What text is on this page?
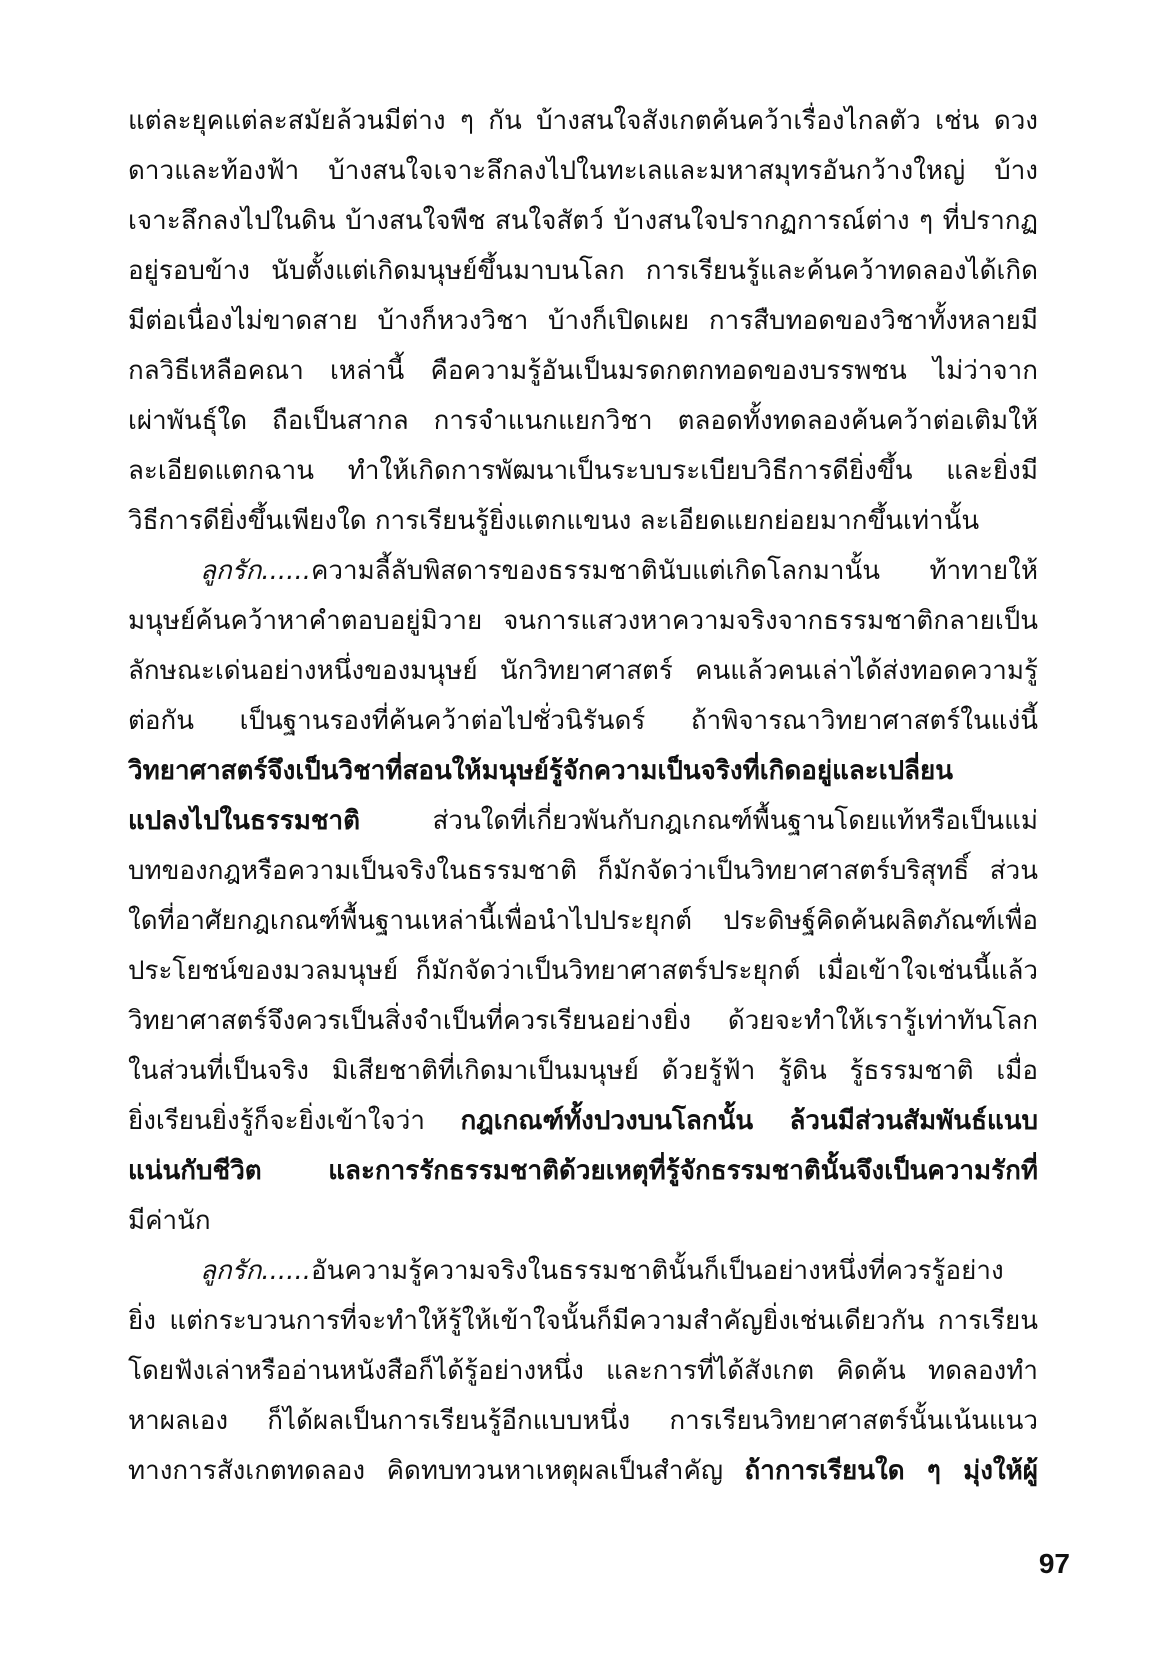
แต่ละยุคแต่ละสมัยล้วนมีต่าง ๆ กัน บ้างสนใจสังเกตค้นคว้าเรื่องไกลตัว เช่น ดวง
ดาวและท้องฟ้า บ้างสนใจเจาะลึกลงไปในทะเลและมหาสมุทรอันกว้างใหญ่ บ้าง
เจาะลึกลงไปในดิน บ้างสนใจพืช สนใจสัตว์ บ้างสนใจปรากฏการณ์ต่าง ๆ ที่ปรากฏ
อยู่รอบข้าง นับตั้งแต่เกิดมนุษย์ขึ้นมาบนโลก การเรียนรู้และค้นคว้าทดลองได้เกิด
มีต่อเนื่องไม่ขาดสาย บ้างก็หวงวิชา บ้างก็เปิดเผย การสืบทอดของวิชาทั้งหลายมี
กลวิธีเหลือคณา เหล่านี้ คือความรู้อันเป็นมรดกตกทอดของบรรพชน ไม่ว่าจาก
เผ่าพันธุ์ใด ถือเป็นสากล การจำแนกแยกวิชา ตลอดทั้งทดลองค้นคว้าต่อเติมให้
ละเอียดแตกฉาน ทำให้เกิดการพัฒนาเป็นระบบระเบียบวิธีการดียิ่งขึ้น และยิ่งมี
วิธีการดียิ่งขึ้นเพียงใด การเรียนรู้ยิ่งแตกแขนง ละเอียดแยกย่อยมากขึ้นเท่านั้น
ลูกรัก......ความลี้ลับพิสดารของธรรมชาตินับแต่เกิดโลกมานั้น ท้าทายให้
มนุษย์ค้นคว้าหาคำตอบอยู่มิวาย จนการแสวงหาความจริงจากธรรมชาติกลายเป็น
ลักษณะเด่นอย่างหนึ่งของมนุษย์ นักวิทยาศาสตร์ คนแล้วคนเล่าได้ส่งทอดความรู้
ต่อกัน เป็นฐานรองที่ค้นคว้าต่อไปชั่วนิรันดร์ ถ้าพิจารณาวิทยาศาสตร์ในแง่นี้
วิทยาศาสตร์จึงเป็นวิชาที่สอนให้มนุษย์รู้จักความเป็นจริงที่เกิดอยู่และเปลี่ยน
แปลงไปในธรรมชาติ ส่วนใดที่เกี่ยวพันกับกฎเกณฑ์พื้นฐานโดยแท้หรือเป็นแม่
บทของกฎหรือความเป็นจริงในธรรมชาติ ก็มักจัดว่าเป็นวิทยาศาสตร์บริสุทธิ์ ส่วน
ใดที่อาศัยกฎเกณฑ์พื้นฐานเหล่านี้เพื่อนำไปประยุกต์ ประดิษฐ์คิดค้นผลิตภัณฑ์เพื่อ
ประโยชน์ของมวลมนุษย์ ก็มักจัดว่าเป็นวิทยาศาสตร์ประยุกต์ เมื่อเข้าใจเช่นนี้แล้ว
วิทยาศาสตร์จึงควรเป็นสิ่งจำเป็นที่ควรเรียนอย่างยิ่ง ด้วยจะทำให้เรารู้เท่าทันโลก
ในส่วนที่เป็นจริง มิเสียชาติที่เกิดมาเป็นมนุษย์ ด้วยรู้ฟ้า รู้ดิน รู้ธรรมชาติ เมื่อ
ยิ่งเรียนยิ่งรู้ก็จะยิ่งเข้าใจว่า กฎเกณฑ์ทั้งปวงบนโลกนั้น ล้วนมีส่วนสัมพันธ์แนบ
แน่นกับชีวิต และการรักธรรมชาติด้วยเหตุที่รู้จักธรรมชาตินั้นจึงเป็นความรักที่
มีค่านัก
ลูกรัก......อันความรู้ความจริงในธรรมชาตินั้นก็เป็นอย่างหนึ่งที่ควรรู้อย่าง
ยิ่ง แต่กระบวนการที่จะทำให้รู้ให้เข้าใจนั้นก็มีความสำคัญยิ่งเช่นเดียวกัน การเรียน
โดยฟังเล่าหรืออ่านหนังสือก็ได้รู้อย่างหนึ่ง และการที่ได้สังเกต คิดค้น ทดลองทำ
หาผลเอง ก็ได้ผลเป็นการเรียนรู้อีกแบบหนึ่ง การเรียนวิทยาศาสตร์นั้นเน้นแนว
ทางการสังเกตทดลอง คิดทบทวนหาเหตุผลเป็นสำคัญ ถ้าการเรียนใด ๆ มุ่งให้ผู้
97
